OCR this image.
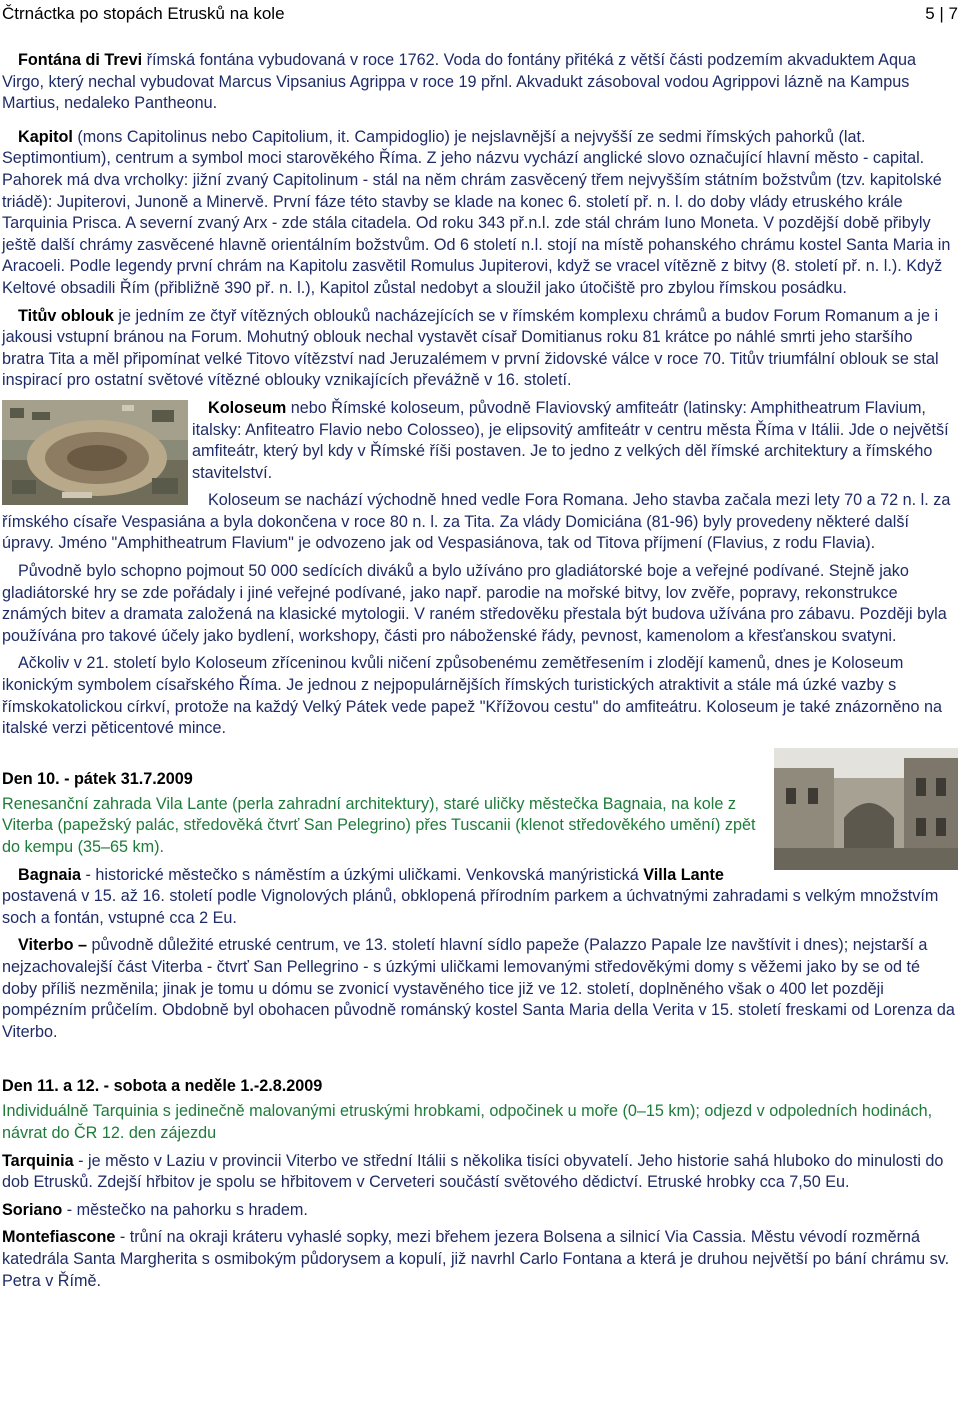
Čtrnáctka po stopách Etrusků na kole	5 | 7

Fontána di Trevi římská fontána vybudovaná v roce 1762. Voda do fontány přitéká z větší části podzemím akvaduktem Aqua Virgo, který nechal vybudovat Marcus Vipsanius Agrippa v roce 19 přnl. Akvadukt zásoboval vodou Agrippovi lázně na Kampus Martius, nedaleko Pantheonu.

Kapitol (mons Capitolinus nebo Capitolium, it. Campidoglio) je nejslavnější a nejvyšší ze sedmi římských pahorků (lat. Septimontium), centrum a symbol moci starověkého Říma. Z jeho názvu vychází anglické slovo označující hlavní město - capital. Pahorek má dva vrcholky: jižní zvaný Capitolinum - stál na něm chrám zasvěcený třem nejvyšším státním božstvům (tzv. kapitolské triádě): Jupiterovi, Junoně a Minervě. První fáze této stavby se klade na konec 6. století př. n. l. do doby vlády etruského krále Tarquinia Prisca. A severní zvaný Arx - zde stála citadela. Od roku 343 př.n.l. zde stál chrám Iuno Moneta. V pozdější době přibyly ještě další chrámy zasvěcené hlavně orientálním božstvům. Od 6 století n.l. stojí na místě pohanského chrámu kostel Santa Maria in Aracoeli. Podle legendy první chrám na Kapitolu zasvětil Romulus Jupiterovi, když se vracel vítězně z bitvy (8. století př. n. l.). Když Keltové obsadili Řím (přibližně 390 př. n. l.), Kapitol zůstal nedobyt a sloužil jako útočiště pro zbylou římskou posádku.

Titův oblouk je jedním ze čtyř vítězných oblouků nacházejících se v římském komplexu chrámů a budov Forum Romanum a je i jakousi vstupní bránou na Forum. Mohutný oblouk nechal vystavět císař Domitianus roku 81 krátce po náhlé smrti jeho staršího bratra Tita a měl připomínat velké Titovo vítězství nad Jeruzalémem v první židovské válce v roce 70. Titův triumfální oblouk se stal inspirací pro ostatní světové vítězné oblouky vznikajících převážně v 16. století.

Koloseum nebo Římské koloseum, původně Flaviovský amfiteátr (latinsky: Amphitheatrum Flavium, italsky: Anfiteatro Flavio nebo Colosseo), je elipsovitý amfiteátr v centru města Říma v Itálii. Jde o největší amfiteátr, který byl kdy v Římské říši postaven. Je to jedno z velkých děl římské architektury a římského stavitelství.

Koloseum se nachází východně hned vedle Fora Romana. Jeho stavba začala mezi lety 70 a 72 n. l. za římského císaře Vespasiána a byla dokončena v roce 80 n. l. za Tita. Za vlády Domiciána (81-96) byly provedeny některé další úpravy. Jméno "Amphitheatrum Flavium" je odvozeno jak od Vespasiánova, tak od Titova příjmení (Flavius, z rodu Flavia).

Původně bylo schopno pojmout 50 000 sedících diváků a bylo užíváno pro gladiátorské boje a veřejné podívané. Stejně jako gladiátorské hry se zde pořádaly i jiné veřejné podívané, jako např. parodie na mořské bitvy, lov zvěře, popravy, rekonstrukce známých bitev a dramata založená na klasické mytologii. V raném středověku přestala být budova užívána pro zábavu. Později byla používána pro takové účely jako bydlení, workshopy, části pro náboženské řády, pevnost, kamenolom a křesťanskou svatyni.

Ačkoliv v 21. století bylo Koloseum zříceninou kvůli ničení způsobenému zemětřesením i zlodějí kamenů, dnes je Koloseum ikonickým symbolem císařského Říma. Je jednou z nejpopulárnějších římských turistických atraktivit a stále má úzké vazby s římskokatolickou církví, protože na každý Velký Pátek vede papež "Křížovou cestu" do amfiteátru. Koloseum je také znázorněno na italské verzi pěticentové mince.

Den 10. - pátek 31.7.2009

Renesanční zahrada Vila Lante (perla zahradní architektury), staré uličky městečka Bagnaia, na kole z Viterba (papežský palác, středověká čtvrť San Pelegrino) přes Tuscanii (klenot středověkého umění) zpět do kempu (35–65 km).

Bagnaia - historické městečko s náměstím a úzkými uličkami. Venkovská manýristická Villa Lante postavená v 15. až 16. století podle Vignolových plánů, obklopená přírodním parkem a úchvatnými zahradami s velkým množstvím soch a fontán, vstupné cca 2 Eu.

Viterbo – původně důležité etruské centrum, ve 13. století hlavní sídlo papeže (Palazzo Papale lze navštívit i dnes); nejstarší a nejzachovalejší část Viterba - čtvrť San Pellegrino - s úzkými uličkami lemovanými středověkými domy s věžemi jako by se od té doby příliš nezměnila; jinak je tomu u dómu se zvonicí vystavěného tice již ve 12. století, doplněného však o 400 let později pompézním průčelím. Obdobně byl obohacen původně románský kostel Santa Maria della Verita v 15. století freskami od Lorenza da Viterbo.

Den 11. a 12. - sobota a neděle 1.-2.8.2009

Individuálně Tarquinia s jedinečně malovanými etruskými hrobkami, odpočinek u moře (0–15 km); odjezd v odpoledních hodinách, návrat do ČR 12. den zájezdu

Tarquinia - je město v Laziu v provincii Viterbo ve střední Itálii s několika tisíci obyvatelí. Jeho historie sahá hluboko do minulosti do dob Etrusků. Zdejší hřbitov je spolu se hřbitovem v Cerveteri součástí světového dědictví. Etruské hrobky cca 7,50 Eu.

Soriano - městečko na pahorku s hradem.

Montefiascone - trůní na okraji kráteru vyhaslé sopky, mezi břehem jezera Bolsena a silnicí Via Cassia. Městu vévodí rozměrná katedrála Santa Margherita s osmibokým půdorysem a kopulí, již navrhl Carlo Fontana a která je druhou největší po bání chrámu sv. Petra v Římě.
